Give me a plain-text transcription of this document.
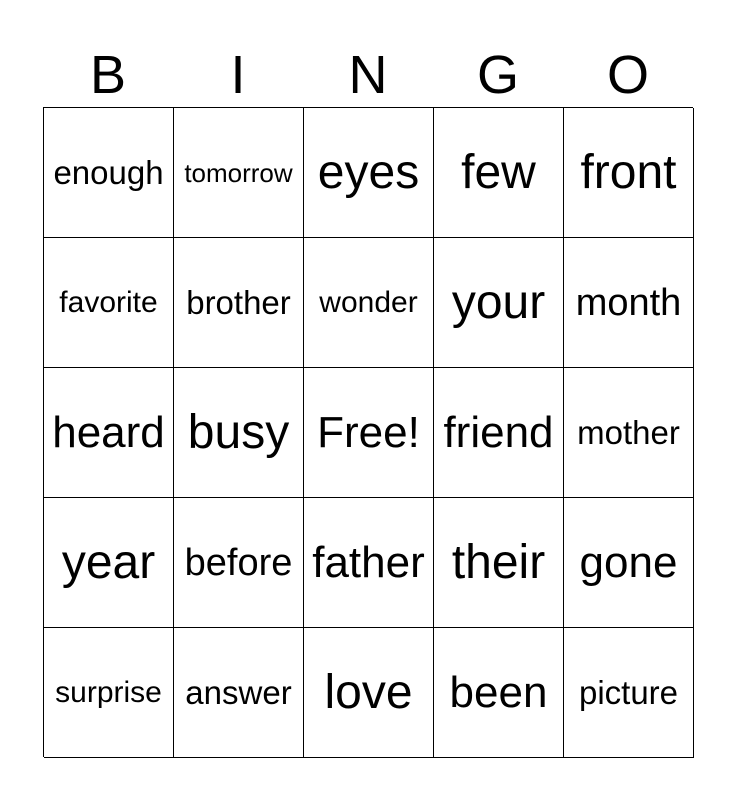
B	I	N	G	O
enough tomorrow eyes few front
favorite brother wonder your month
heard busy Free! friend mother
year before father their gone
surprise answer love been picture
